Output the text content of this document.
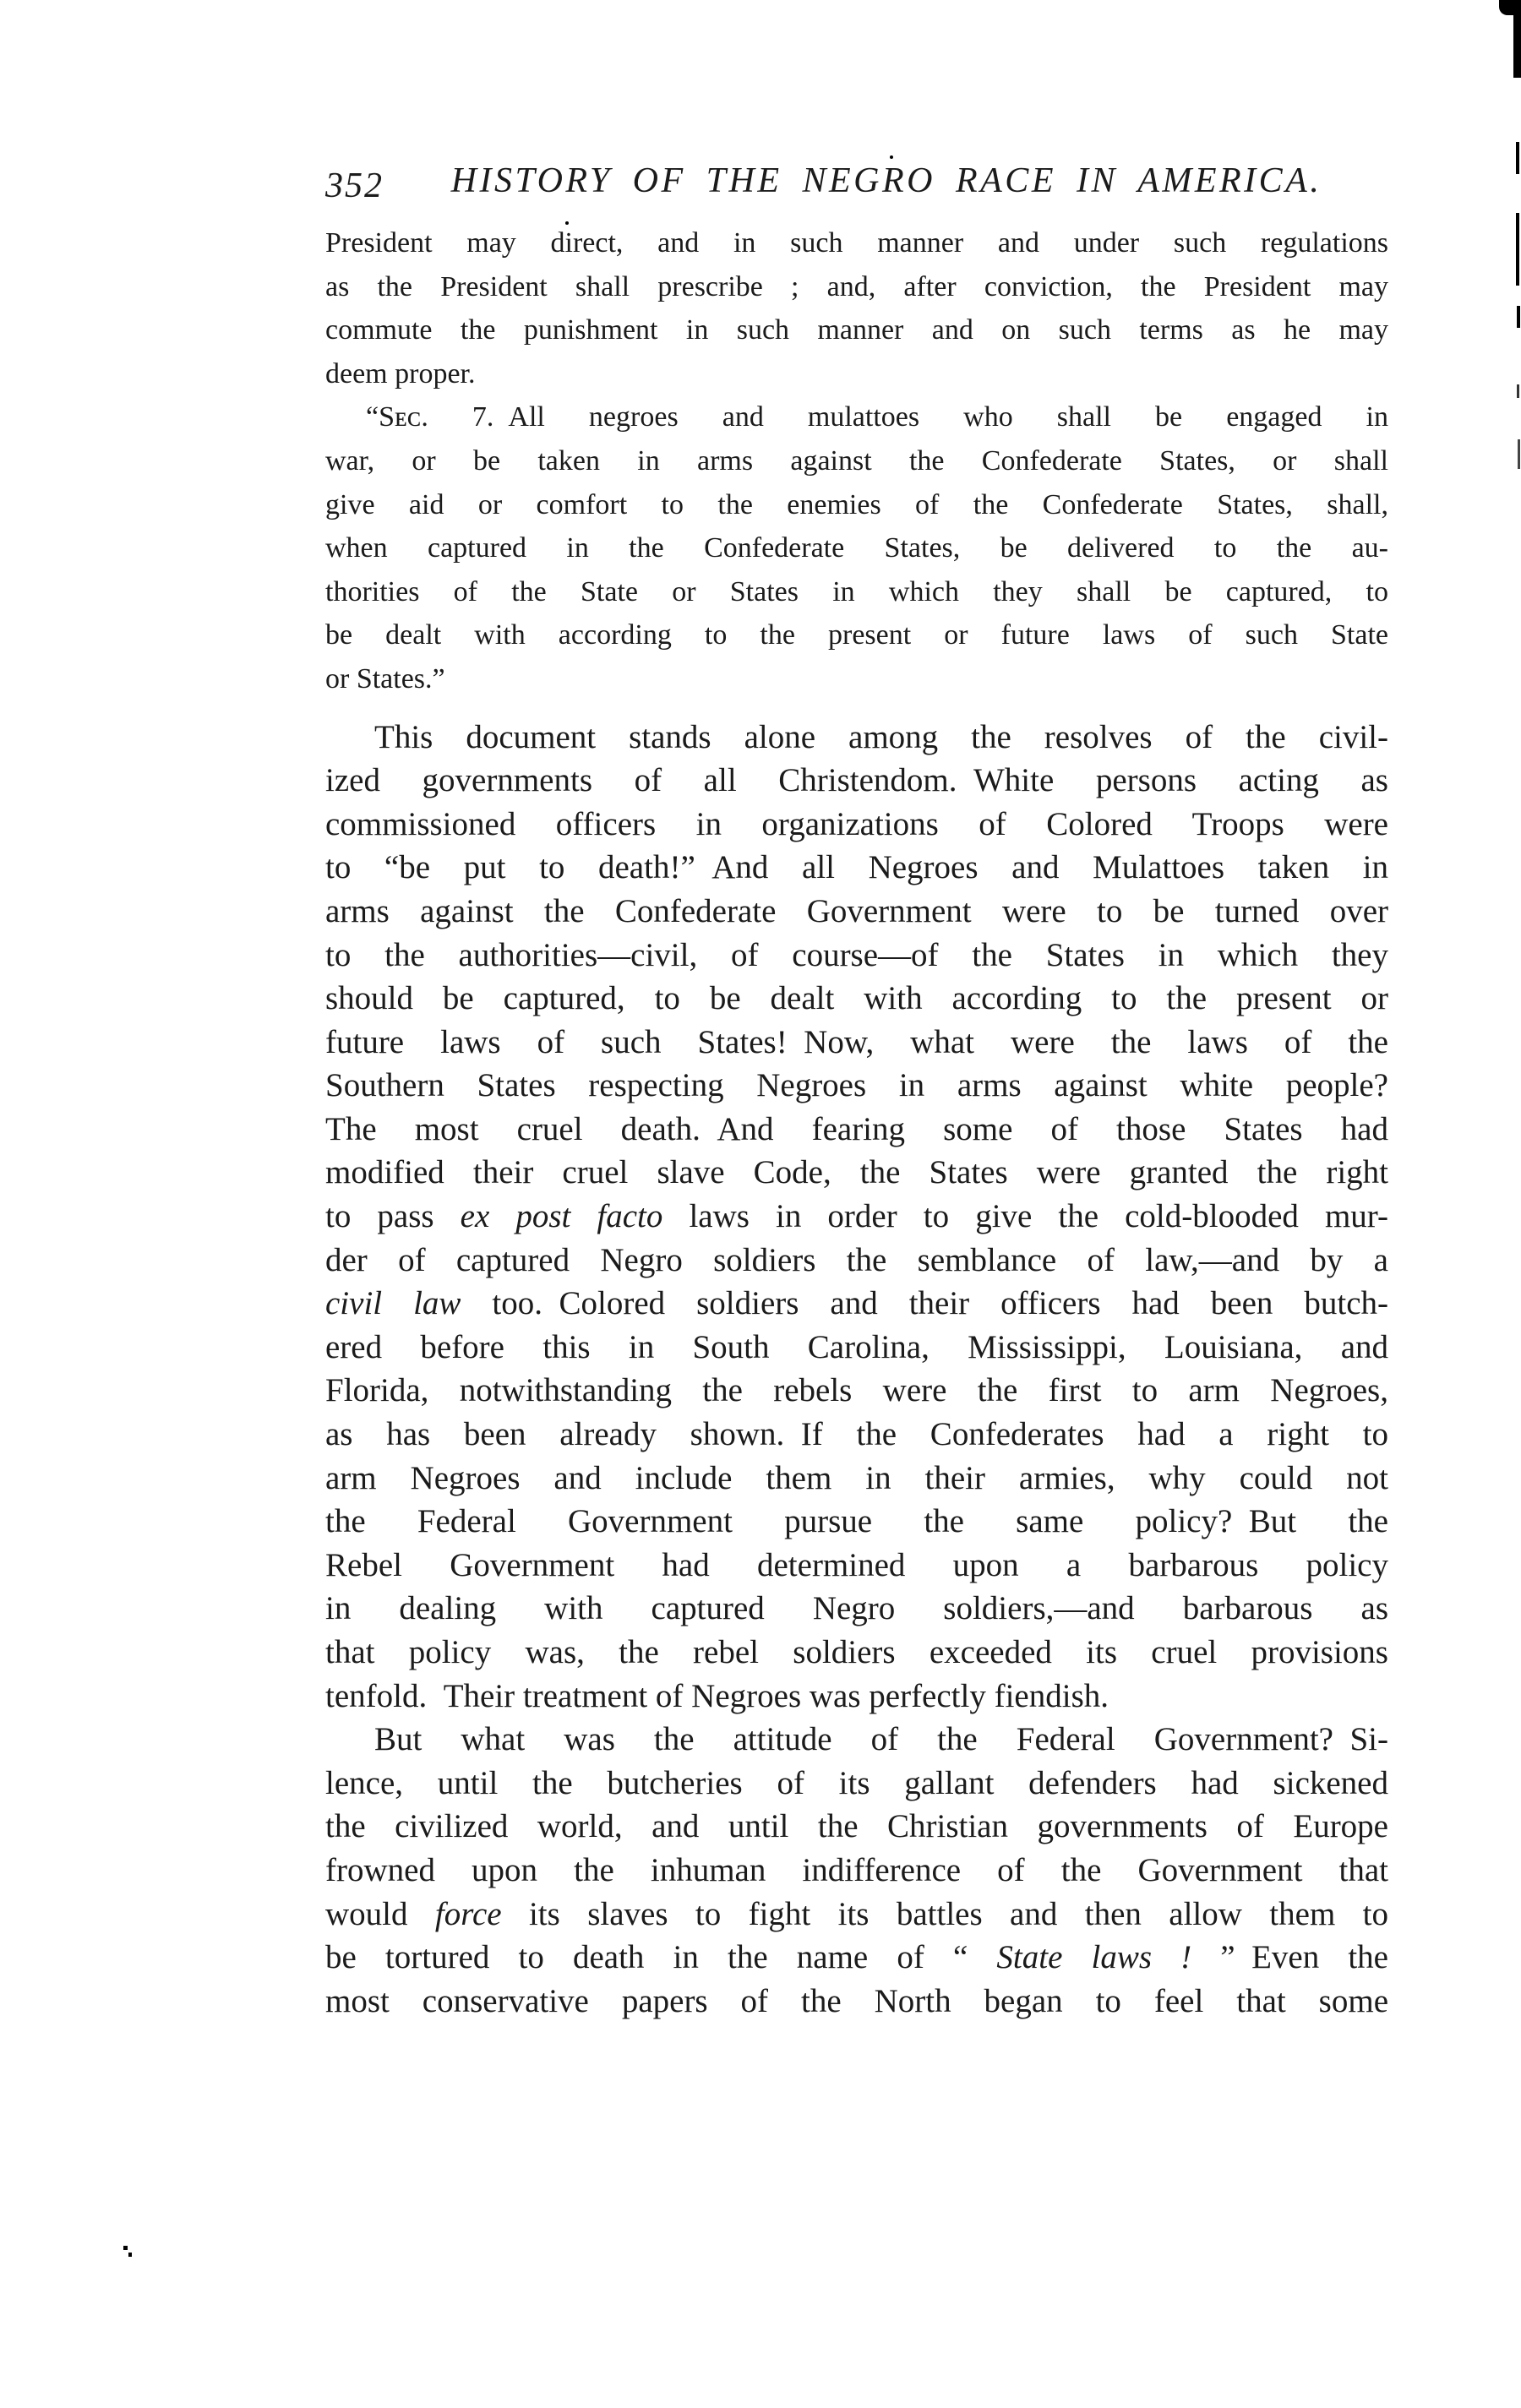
352	HISTORY OF THE NEGRO RACE IN AMERICA.
President may direct, and in such manner and under such regulations
as the President shall prescribe ; and, after conviction, the President may
commute the punishment in such manner and on such terms as he may
deem proper.
“Sᴇᴄ. 7. All negroes and mulattoes who shall be engaged in
war, or be taken in arms against the Confederate States, or shall
give aid or comfort to the enemies of the Confederate States, shall,
when captured in the Confederate States, be delivered to the au-
thorities of the State or States in which they shall be captured, to
be dealt with according to the present or future laws of such State
or States.”
This document stands alone among the resolves of the civil-
ized governments of all Christendom. White persons acting as
commissioned officers in organizations of Colored Troops were
to “be put to death!” And all Negroes and Mulattoes taken in
arms against the Confederate Government were to be turned over
to the authorities—civil, of course—of the States in which they
should be captured, to be dealt with according to the present or
future laws of such States! Now, what were the laws of the
Southern States respecting Negroes in arms against white people?
The most cruel death. And fearing some of those States had
modified their cruel slave Code, the States were granted the right
to pass ex post facto laws in order to give the cold-blooded mur-
der of captured Negro soldiers the semblance of law,—and by a
civil law too. Colored soldiers and their officers had been butch-
ered before this in South Carolina, Mississippi, Louisiana, and
Florida, notwithstanding the rebels were the first to arm Negroes,
as has been already shown. If the Confederates had a right to
arm Negroes and include them in their armies, why could not
the Federal Government pursue the same policy? But the
Rebel Government had determined upon a barbarous policy
in dealing with captured Negro soldiers,—and barbarous as
that policy was, the rebel soldiers exceeded its cruel provisions
tenfold. Their treatment of Negroes was perfectly fiendish.
But what was the attitude of the Federal Government? Si-
lence, until the butcheries of its gallant defenders had sickened
the civilized world, and until the Christian governments of Europe
frowned upon the inhuman indifference of the Government that
would force its slaves to fight its battles and then allow them to
be tortured to death in the name of “ State laws ! ” Even the
most conservative papers of the North began to feel that some
